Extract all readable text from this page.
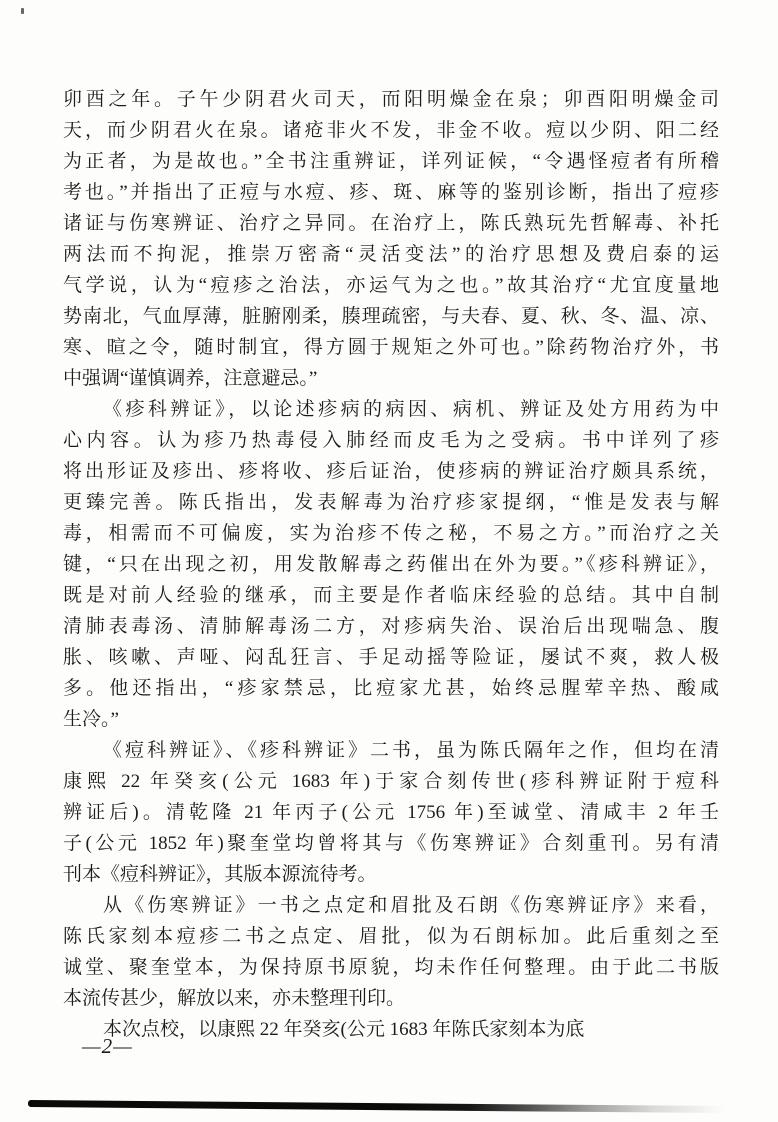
卯酉之年。子午少阴君火司天，而阳明燥金在泉；卯酉阳明燥金司
天，而少阴君火在泉。诸疮非火不发，非金不收。痘以少阴、阳二经
为正者，为是故也。”全书注重辨证，详列证候，“令遇怪痘者有所稽
考也。”并指出了正痘与水痘、疹、斑、麻等的鉴别诊断，指出了痘疹
诸证与伤寒辨证、治疗之异同。在治疗上，陈氏熟玩先哲解毒、补托
两法而不拘泥，推崇万密斋“灵活变法”的治疗思想及费启泰的运
气学说，认为“痘疹之治法，亦运气为之也。”故其治疗“尤宜度量地
势南北，气血厚薄，脏腑刚柔，腠理疏密，与夫春、夏、秋、冬、温、凉、
寒、暄之令，随时制宜，得方圆于规矩之外可也。”除药物治疗外，书
中强调“谨慎调养，注意避忌。”
《疹科辨证》，以论述疹病的病因、病机、辨证及处方用药为中
心内容。认为疹乃热毒侵入肺经而皮毛为之受病。书中详列了疹
将出形证及疹出、疹将收、疹后证治，使疹病的辨证治疗颇具系统，
更臻完善。陈氏指出，发表解毒为治疗疹家提纲，“惟是发表与解
毒，相需而不可偏废，实为治疹不传之秘，不易之方。”而治疗之关
键，“只在出现之初，用发散解毒之药催出在外为要。”《疹科辨证》，
既是对前人经验的继承，而主要是作者临床经验的总结。其中自制
清肺表毒汤、清肺解毒汤二方，对疹病失治、误治后出现喘急、腹
胀、咳嗽、声哑、闷乱狂言、手足动摇等险证，屡试不爽，救人极
多。他还指出，“疹家禁忌，比痘家尤甚，始终忌腥荤辛热、酸咸
生冷。”
《痘科辨证》、《疹科辨证》二书，虽为陈氏隔年之作，但均在清
康熙 22 年癸亥(公元 1683 年)于家合刻传世(疹科辨证附于痘科
辨证后)。清乾隆 21 年丙子(公元 1756 年)至诚堂、清咸丰 2 年壬
子(公元 1852 年)聚奎堂均曾将其与《伤寒辨证》合刻重刊。另有清
刊本《痘科辨证》，其版本源流待考。
从《伤寒辨证》一书之点定和眉批及石朗《伤寒辨证序》来看，
陈氏家刻本痘疹二书之点定、眉批，似为石朗标加。此后重刻之至
诚堂、聚奎堂本，为保持原书原貌，均未作任何整理。由于此二书版
本流传甚少，解放以来，亦未整理刊印。
本次点校，以康熙 22 年癸亥(公元 1683 年陈氏家刻本为底
—2—
